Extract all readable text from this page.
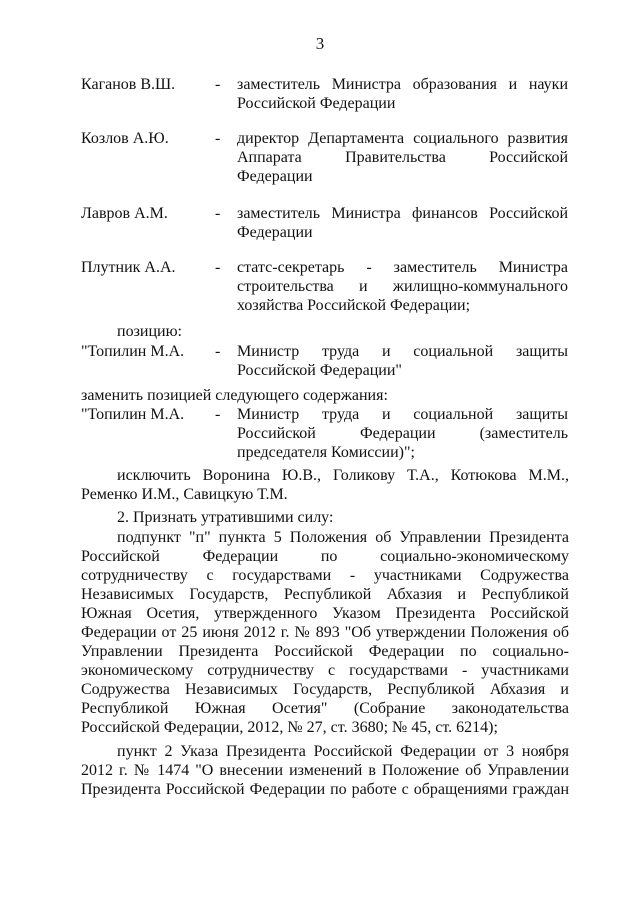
3
Каганов В.Ш. - заместитель Министра образования и науки
Российской Федерации
Козлов А.Ю.	- директор Департамента социального развития
Аппарата Правительства Российской
Федерации
Лавров А.М.	- заместитель Министра финансов Российской
Федерации
Плутник А.А. - статс-секретарь - заместитель Министра
строительства и жилищно-коммунального
хозяйства Российской Федерации;
позицию:
"Топилин М.А. - Министр труда и социальной защиты
Российской Федерации"
заменить позицией следующего содержания:
"Топилин М.А. - Министр труда и социальной защиты
Российской Федерации (заместитель
председателя Комиссии)";
исключить Воронина Ю.В., Голикову Т.А., Котюкова М.М.,
Ременко И.М., Савицкую Т.М.
2. Признать утратившими силу:
подпункт "п" пункта 5 Положения об Управлении Президента
Российской Федерации по социально-экономическому
сотрудничеству с государствами - участниками Содружества
Независимых Государств, Республикой Абхазия и Республикой
Южная Осетия, утвержденного Указом Президента Российской
Федерации от 25 июня 2012 г. № 893 "Об утверждении Положения об
Управлении Президента Российской Федерации по социально-
экономическому сотрудничеству с государствами - участниками
Содружества Независимых Государств, Республикой Абхазия и
Республикой Южная Осетия" (Собрание законодательства
Российской Федерации, 2012, № 27, ст. 3680; № 45, ст. 6214);
пункт 2 Указа Президента Российской Федерации от 3 ноября
2012 г. № 1474 "О внесении изменений в Положение об Управлении
Президента Российской Федерации по работе с обращениями граждан
